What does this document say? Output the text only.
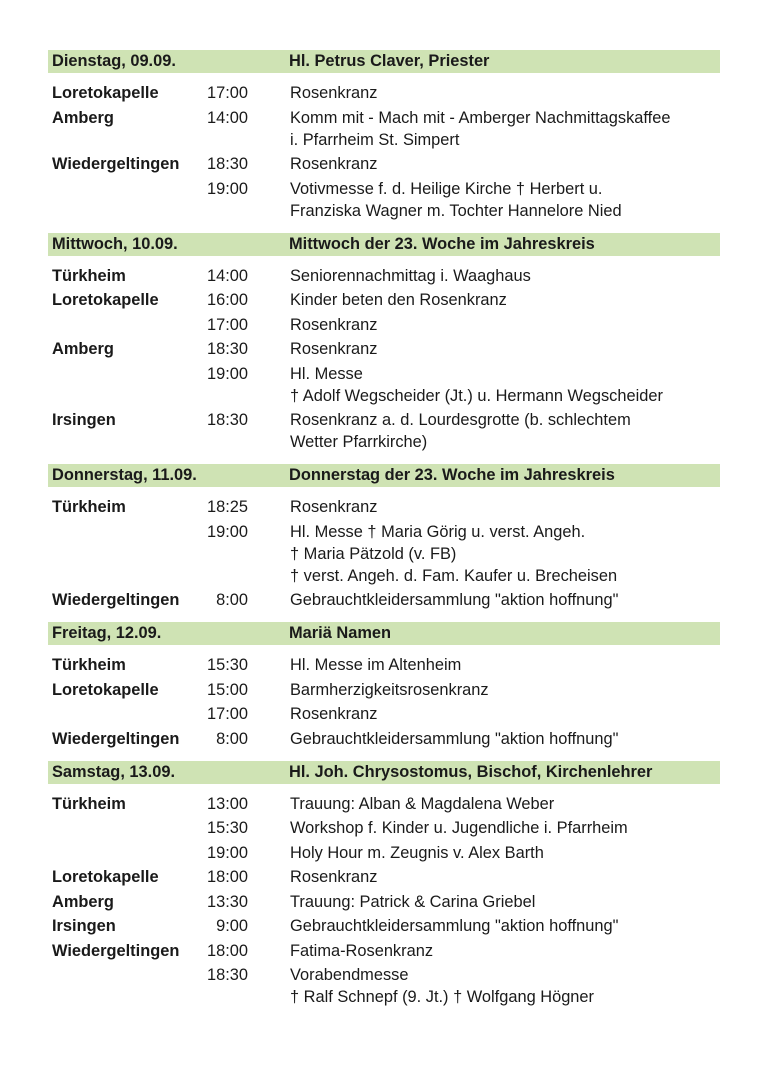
Dienstag, 09.09.	Hl. Petrus Claver, Priester
Loretokapelle	17:00	Rosenkranz
Amberg	14:00	Komm mit - Mach mit - Amberger Nachmittagskaffee
i. Pfarrheim St. Simpert
Wiedergeltingen	18:30	Rosenkranz
19:00	Votivmesse f. d. Heilige Kirche † Herbert u.
Franziska Wagner m. Tochter Hannelore Nied
Mittwoch, 10.09.	Mittwoch der 23. Woche im Jahreskreis
Türkheim	14:00	Seniorennachmittag i. Waaghaus
Loretokapelle	16:00	Kinder beten den Rosenkranz
17:00	Rosenkranz
Amberg	18:30	Rosenkranz
19:00	Hl. Messe
† Adolf Wegscheider (Jt.) u. Hermann Wegscheider
Irsingen	18:30	Rosenkranz a. d. Lourdesgrotte (b. schlechtem
Wetter Pfarrkirche)
Donnerstag, 11.09.	Donnerstag der 23. Woche im Jahreskreis
Türkheim	18:25	Rosenkranz
19:00	Hl. Messe † Maria Görig u. verst. Angeh.
† Maria Pätzold (v. FB)
† verst. Angeh. d. Fam. Kaufer u. Brecheisen
Wiedergeltingen	8:00	Gebrauchtkleidersammlung "aktion hoffnung"
Freitag, 12.09.	Mariä Namen
Türkheim	15:30	Hl. Messe im Altenheim
Loretokapelle	15:00	Barmherzigkeitsrosenkranz
17:00	Rosenkranz
Wiedergeltingen	8:00	Gebrauchtkleidersammlung "aktion hoffnung"
Samstag, 13.09.	Hl. Joh. Chrysostomus, Bischof, Kirchenlehrer
Türkheim	13:00	Trauung: Alban & Magdalena Weber
15:30	Workshop f. Kinder u. Jugendliche i. Pfarrheim
19:00	Holy Hour m. Zeugnis v. Alex Barth
Loretokapelle	18:00	Rosenkranz
Amberg	13:30	Trauung: Patrick & Carina Griebel
Irsingen	9:00	Gebrauchtkleidersammlung "aktion hoffnung"
Wiedergeltingen	18:00	Fatima-Rosenkranz
18:30	Vorabendmesse
† Ralf Schnepf (9. Jt.) † Wolfgang Högner
